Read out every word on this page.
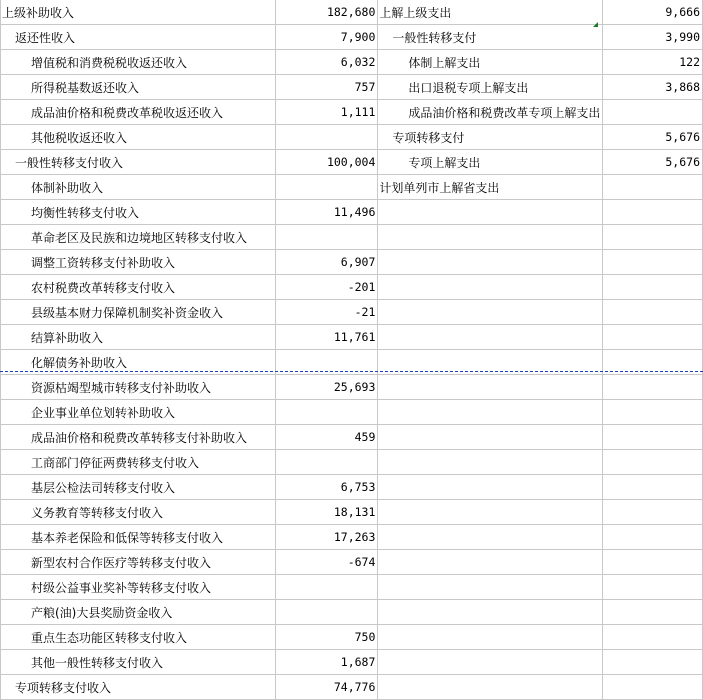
上级补助收入	182,680	上解上级支出	9,666
返还性收入	7,900	一般性转移支付	3,990
增值税和消费税税收返还收入	6,032	体制上解支出	122
所得税基数返还收入	757	出口退税专项上解支出	3,868
成品油价格和税费改革税收返还收入	1,111	成品油价格和税费改革专项上解支出	
其他税收返还收入		专项转移支付	5,676
一般性转移支付收入	100,004	专项上解支出	5,676
体制补助收入		计划单列市上解省支出	
均衡性转移支付收入	11,496		
革命老区及民族和边境地区转移支付收入			
调整工资转移支付补助收入	6,907		
农村税费改革转移支付收入	-201		
县级基本财力保障机制奖补资金收入	-21		
结算补助收入	11,761		
化解债务补助收入			
资源枯竭型城市转移支付补助收入	25,693		
企业事业单位划转补助收入			
成品油价格和税费改革转移支付补助收入	459		
工商部门停征两费转移支付收入			
基层公检法司转移支付收入	6,753		
义务教育等转移支付收入	18,131		
基本养老保险和低保等转移支付收入	17,263		
新型农村合作医疗等转移支付收入	-674		
村级公益事业奖补等转移支付收入			
产粮(油)大县奖励资金收入			
重点生态功能区转移支付收入	750		
其他一般性转移支付收入	1,687		
专项转移支付收入	74,776		
